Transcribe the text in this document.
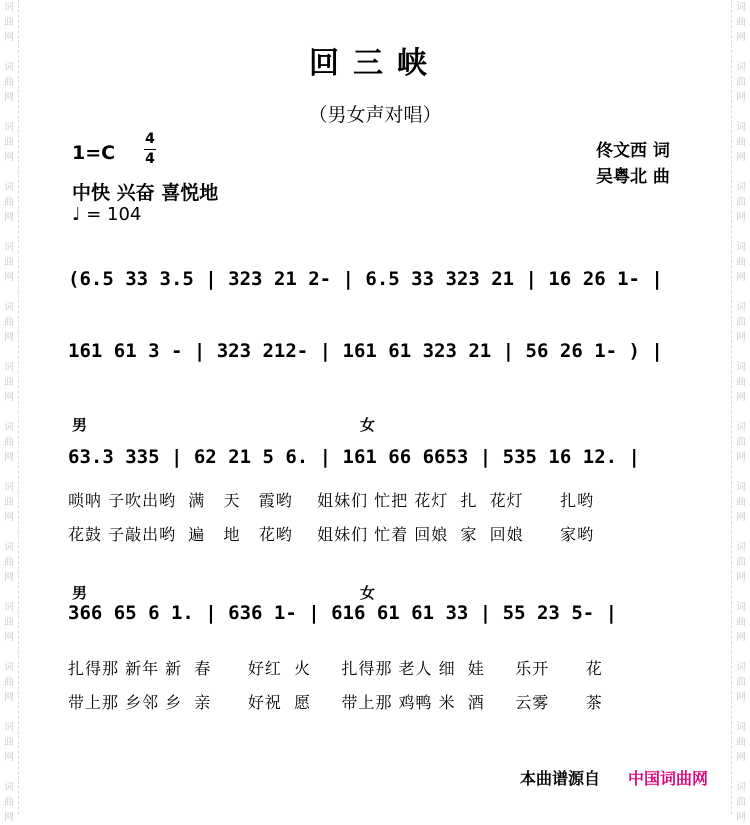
词曲网
词曲网
词曲网
词曲网
词曲网
词曲网
词曲网
词曲网
词曲网
词曲网
词曲网
词曲网
词曲网
词曲网
词曲网
词曲网
词曲网
词曲网
词曲网
词曲网
词曲网
词曲网
词曲网
词曲网
词曲网
词曲网
词曲网
词曲网
回三峡
（男女声对唱）
1=C
4
4
中快 兴奋 喜悦地
♩ = 104
佟文西 词
吴粤北 曲
(6.5 33 3.5 | 323 21 2- | 6.5 33 323 21 | 16 26 1- |
161 61 3 - | 323 212- | 161 61 323 21 | 56 26 1- ) |
男	女
63.3 335 | 62 21 5 6. | 161 66 6653 | 535 16 12. |
唢呐 子吹出哟  满   天   霞哟    姐妹们 忙把 花灯  扎  花灯      扎哟
花鼓 子敲出哟  遍   地   花哟    姐妹们 忙着 回娘  家  回娘      家哟
男	女
366 65 6 1. | 636 1- | 616 61 61 33 | 55 23 5- |
扎得那 新年 新  春      好红  火     扎得那 老人 细  娃     乐开      花
带上那 乡邻 乡  亲      好祝  愿     带上那 鸡鸭 米  酒     云雾      茶
本曲谱源自 中国词曲网
